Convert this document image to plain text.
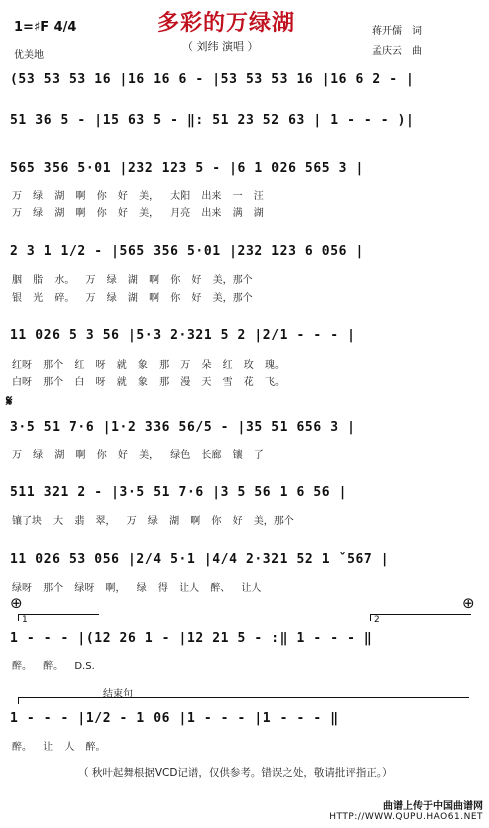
多彩的万绿湖
（ 刘纬 演唱 ）
1=♯F 4/4
优美地
蒋开儒　词
孟庆云　曲
(53 53 53 16 |16 16 6 - |53 53 53 16 |16 6 2 - |
51 36 5 - |15 63 5 - ‖: 51 23 52 63 | 1 - - - )|
565 356 5·01 |232 123 5 - |6 1 026 565 3 |
万 绿 湖 啊 你 好 美， 太阳 出来 一 汪
万 绿 湖 啊 你 好 美， 月亮 出来 满 湖
2 3 1 1/2 - |565 356 5·01 |232 123 6 056 |
胭 脂 水。 万 绿 湖 啊 你 好 美，那个
银 光 碎。 万 绿 湖 啊 你 好 美，那个
11 026 5 3 56 |5·3 2·321 5 2 |2/1 - - - |
红呀 那个 红 呀 就 象 那 万 朵 红 玫 瑰。
白呀 那个 白 呀 就 象 那 漫 天 雪 花 飞。
𝄋
3·5 51 7·6 |1·2 336 56/5 - |35 51 656 3 |
万 绿 湖 啊 你 好 美， 绿色 长廊 镶 了
511 321 2 - |3·5 51 7·6 |3 5 56 1 6 56 |
镶了块 大 翡 翠， 万 绿 湖 啊 你 好 美，那个
11 026 53 056 |2/4 5·1 |4/4 2·321 52 1 ˇ567 |
绿呀 那个 绿呀 啊， 绿 得 让人 醉、 让人
⊕	⊕
1	2
1 - - - |(12 26 1 - |12 21 5 - :‖ 1 - - - ‖
醉。 醉。 D.S.
结束句
1 - - - |1/2 - 1 06 |1 - - - |1 - - - ‖
醉。 让 人 醉。
（ 秋叶起舞根据VCD记谱，仅供参考。错误之处，敬请批评指正。）
曲谱上传于中国曲谱网
HTTP://WWW.QUPU.HAO61.NET
